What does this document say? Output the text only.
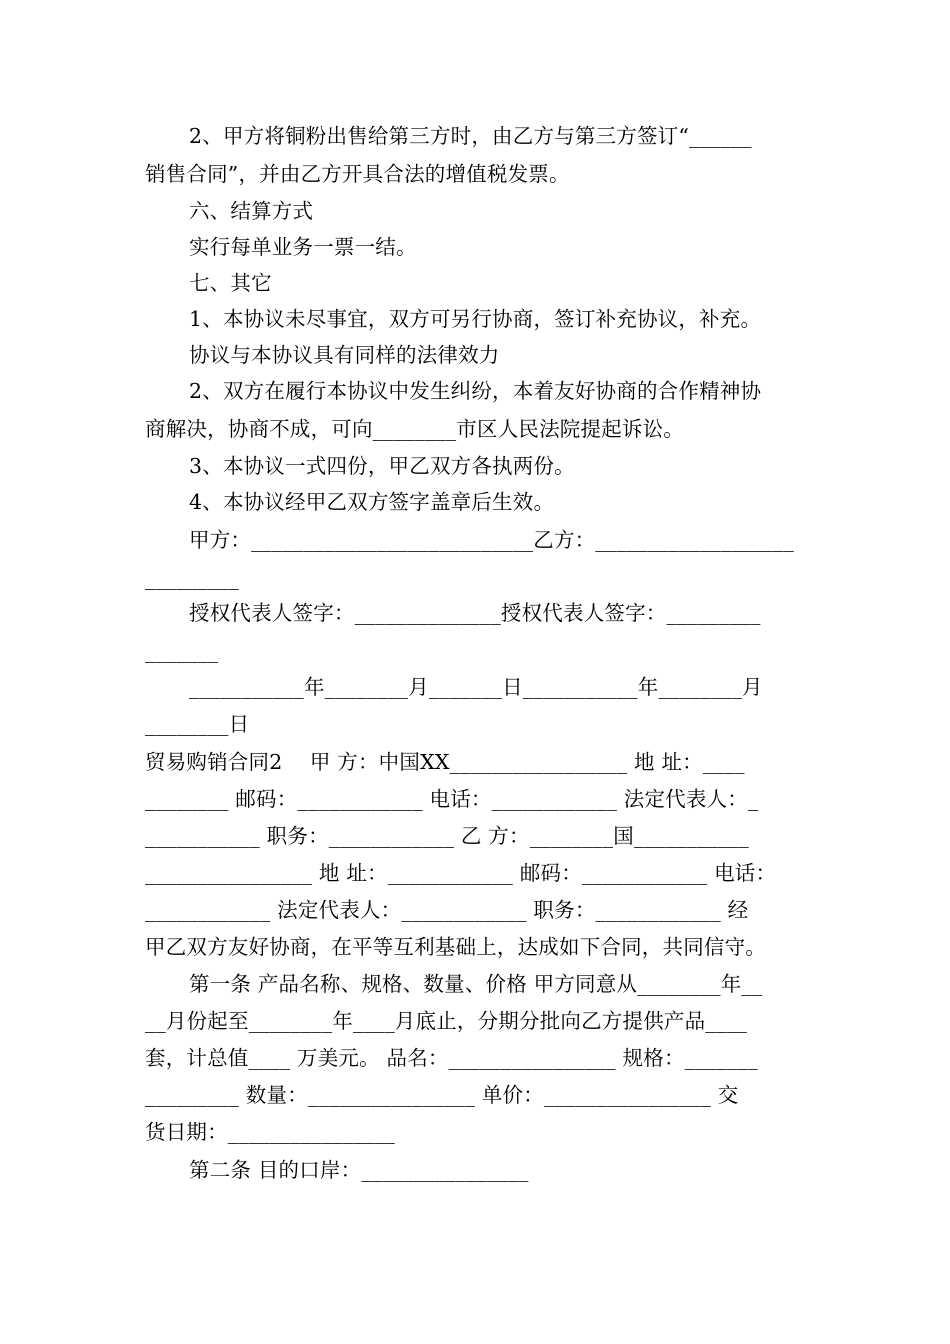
2、甲方将铜粉出售给第三方时，由乙方与第三方签订“______
销售合同”，并由乙方开具合法的增值税发票。
六、结算方式
实行每单业务一票一结。
七、其它
1、本协议未尽事宜，双方可另行协商，签订补充协议，补充。
协议与本协议具有同样的法律效力
2、双方在履行本协议中发生纠纷，本着友好协商的合作精神协
商解决，协商不成，可向________市区人民法院提起诉讼。
3、本协议一式四份，甲乙双方各执两份。
4、本协议经甲乙双方签字盖章后生效。
甲方：___________________________乙方：___________________
_________
授权代表人签字：______________授权代表人签字：_________
_______
___________年________月_______日___________年________月
________日
贸易购销合同2　 甲 方：中国XX_________________ 地 址：____
________ 邮码：____________ 电话：____________ 法定代表人：_
___________ 职务：____________ 乙 方：________国___________
________________ 地 址：____________ 邮码：____________ 电话：
____________ 法定代表人：____________ 职务：____________ 经
甲乙双方友好协商，在平等互利基础上，达成如下合同，共同信守。
第一条 产品名称、规格、数量、价格 甲方同意从________年__
__月份起至________年____月底止，分期分批向乙方提供产品____
套，计总值____ 万美元。 品名：________________ 规格：_______
_________ 数量：________________ 单价：________________ 交
货日期：________________
第二条 目的口岸：________________
